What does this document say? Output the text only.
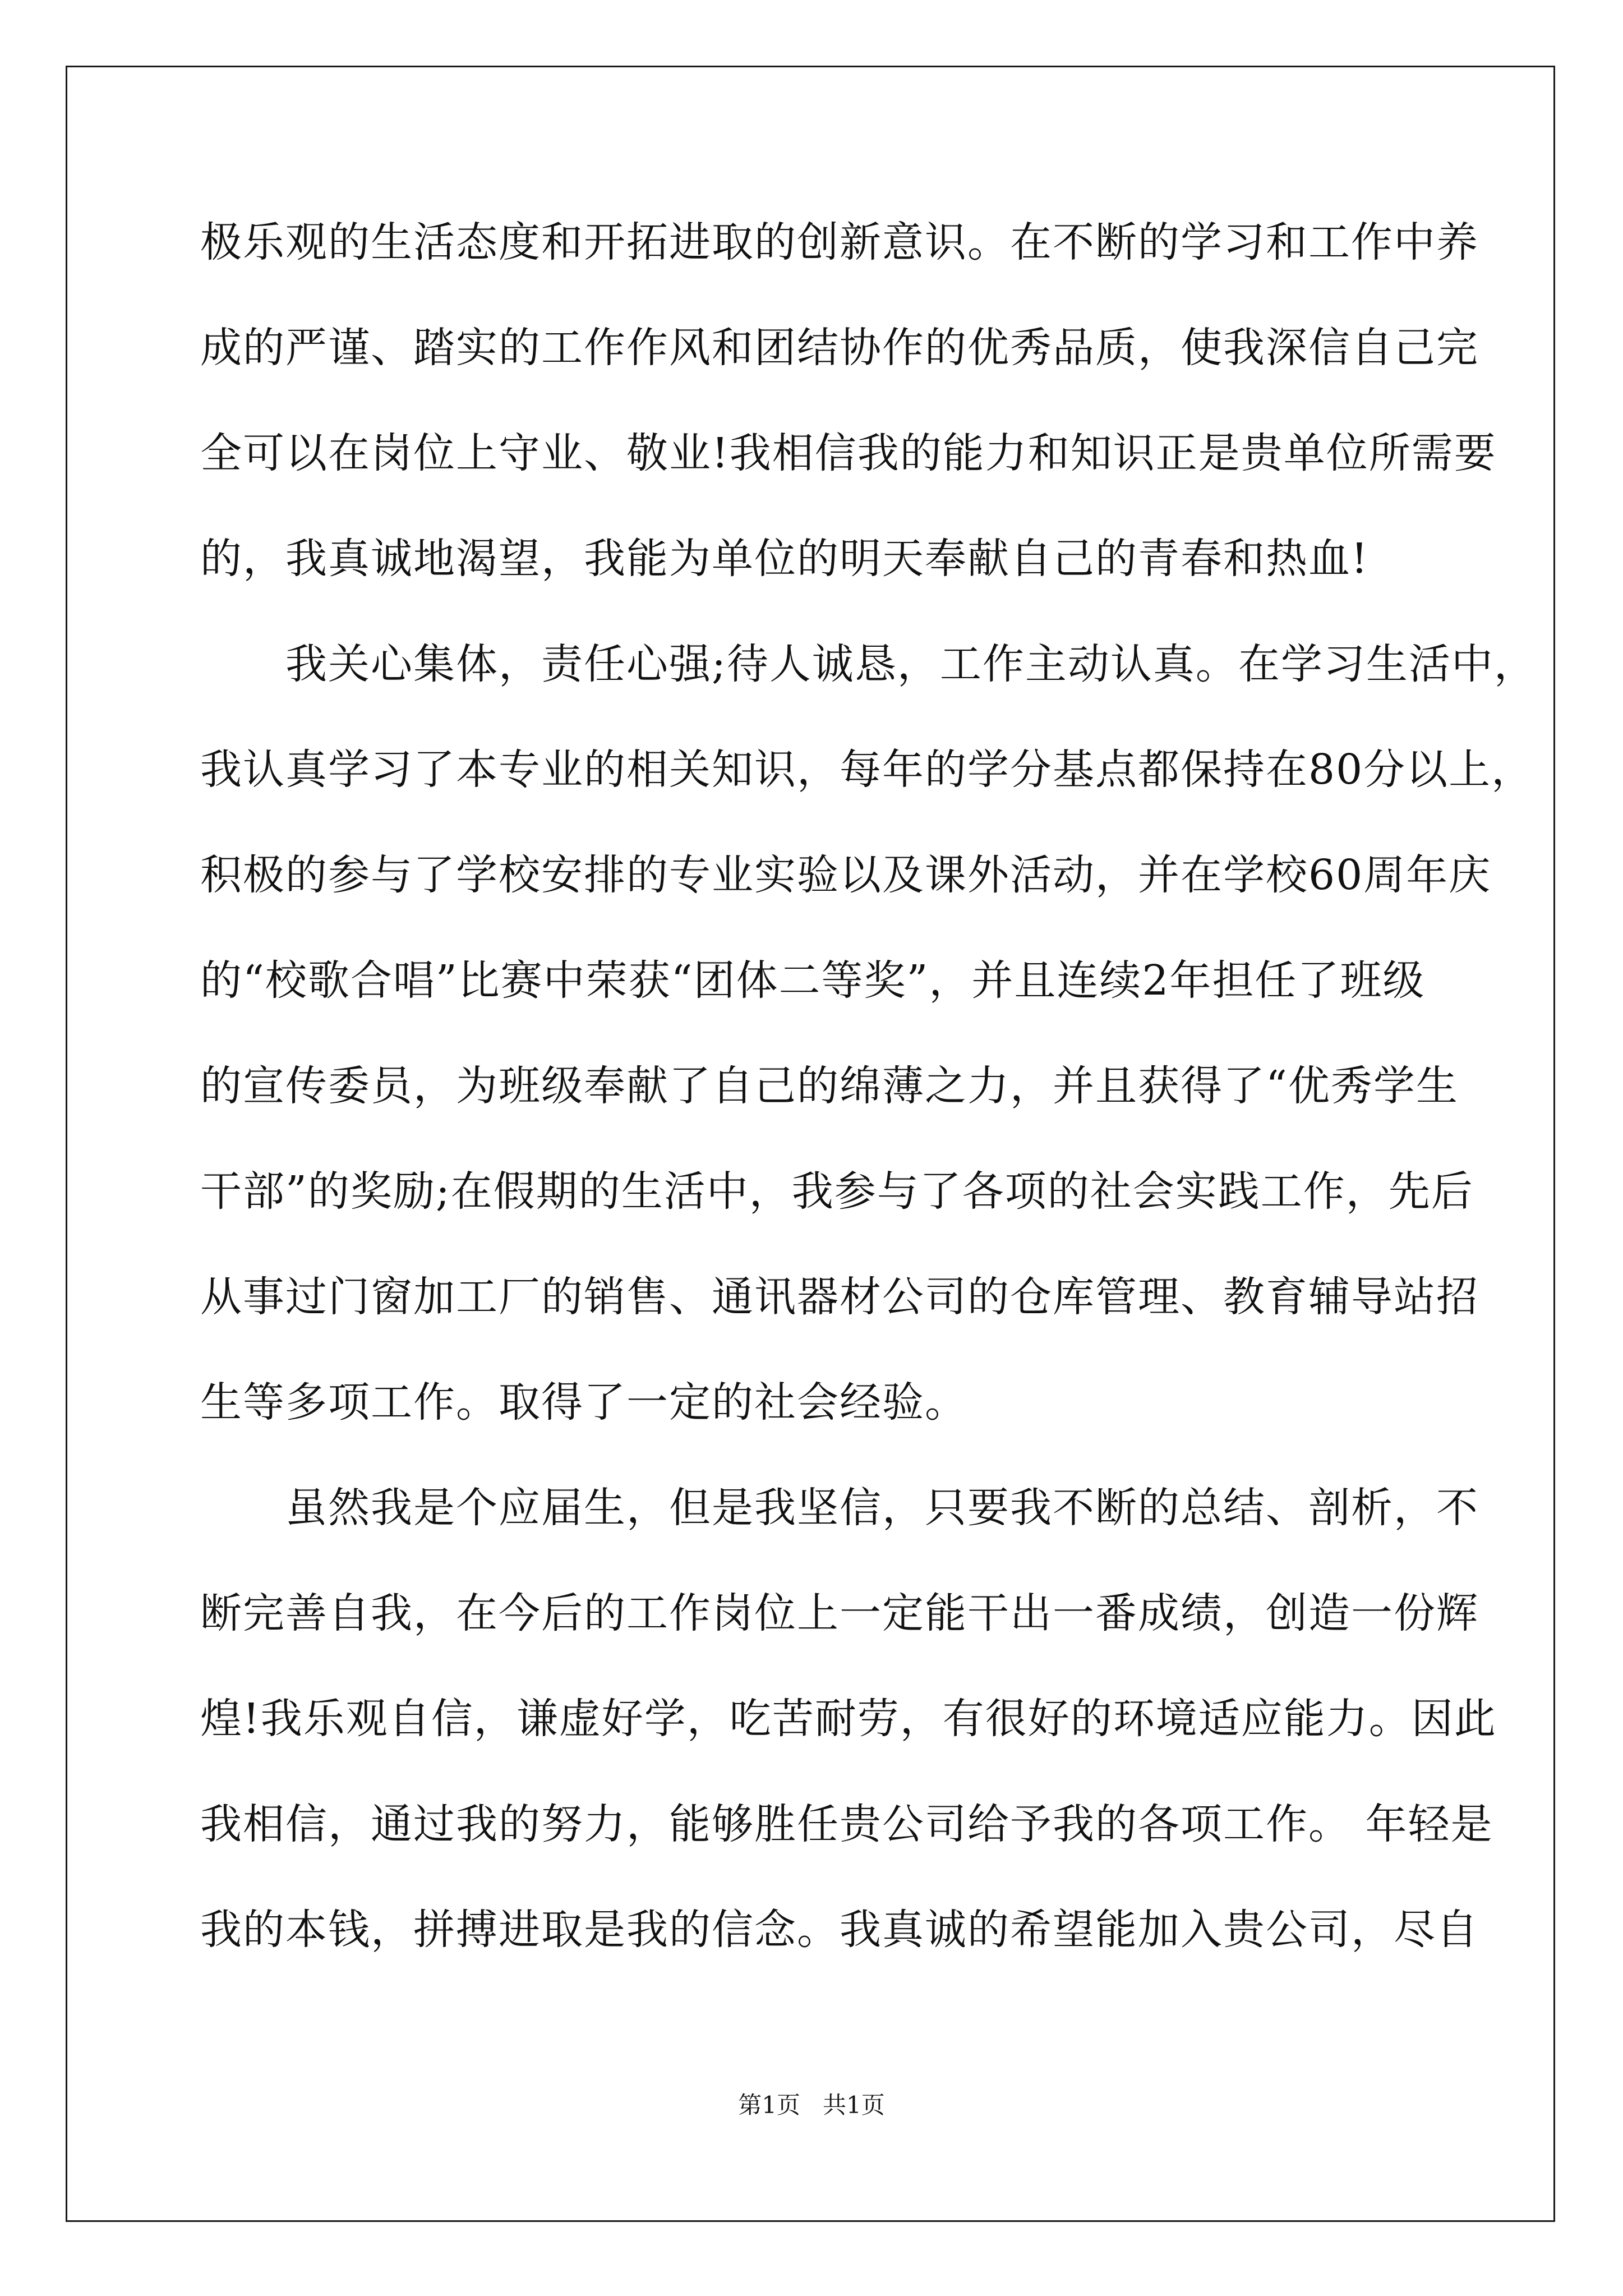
极乐观的生活态度和开拓进取的创新意识。在不断的学习和工作中养
成的严谨、踏实的工作作风和团结协作的优秀品质，使我深信自己完
全可以在岗位上守业、敬业!我相信我的能力和知识正是贵单位所需要
的，我真诚地渴望，我能为单位的明天奉献自己的青春和热血!
　　我关心集体，责任心强;待人诚恳，工作主动认真。在学习生活中，
我认真学习了本专业的相关知识，每年的学分基点都保持在80分以上，
积极的参与了学校安排的专业实验以及课外活动，并在学校60周年庆
的“校歌合唱”比赛中荣获“团体二等奖”，并且连续2年担任了班级
的宣传委员，为班级奉献了自己的绵薄之力，并且获得了“优秀学生
干部”的奖励;在假期的生活中，我参与了各项的社会实践工作，先后
从事过门窗加工厂的销售、通讯器材公司的仓库管理、教育辅导站招
生等多项工作。取得了一定的社会经验。
　　虽然我是个应届生，但是我坚信，只要我不断的总结、剖析，不
断完善自我，在今后的工作岗位上一定能干出一番成绩，创造一份辉
煌!我乐观自信，谦虚好学，吃苦耐劳，有很好的环境适应能力。因此
我相信，通过我的努力，能够胜任贵公司给予我的各项工作。 年轻是
我的本钱，拼搏进取是我的信念。我真诚的希望能加入贵公司，尽自
第1页 共1页
